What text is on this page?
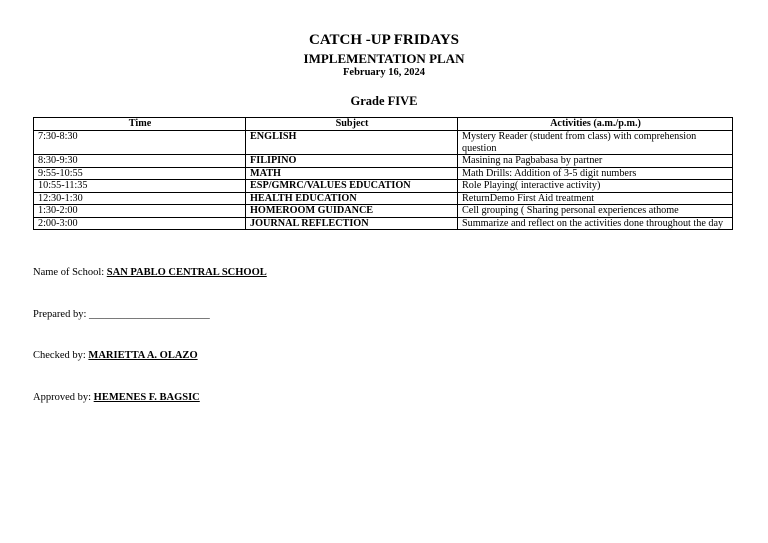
CATCH -UP FRIDAYS
IMPLEMENTATION PLAN
February 16, 2024
Grade FIVE
Time	Subject	Activities (a.m./p.m.)
7:30-8:30	ENGLISH	Mystery Reader (student from class) with comprehension question
8:30-9:30	FILIPINO	Masining na Pagbabasa by partner
9:55-10:55	MATH	Math Drills: Addition of 3-5 digit numbers
10:55-11:35	ESP/GMRC/VALUES EDUCATION	Role Playing( interactive activity)
12:30-1:30	HEALTH EDUCATION	ReturnDemo First Aid treatment
1:30-2:00	HOMEROOM GUIDANCE	Cell grouping ( Sharing personal experiences athome
2:00-3:00	JOURNAL REFLECTION	Summarize and reflect on the activities done throughout the day
Name of School: SAN PABLO CENTRAL SCHOOL
Prepared by: _______________________
Checked by: MARIETTA A. OLAZO
Approved by: HEMENES F. BAGSIC
